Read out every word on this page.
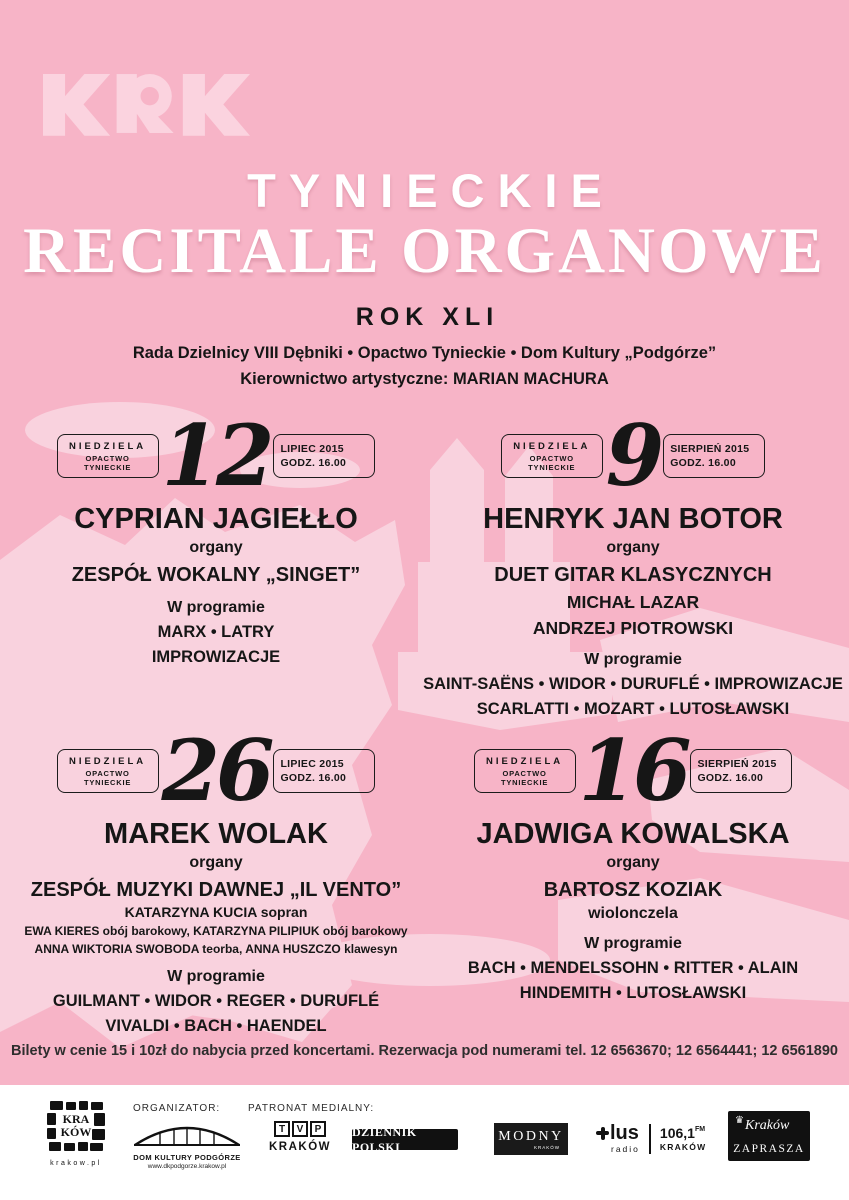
TYNIECKIE
RECITALE ORGANOWE
ROK XLI
Rada Dzielnicy VIII Dębniki • Opactwo Tynieckie • Dom Kultury „Podgórze”
Kierownictwo artystyczne: MARIAN MACHURA
NIEDZIELA
OPACTWO TYNIECKIE 12 LIPIEC 2015
GODZ. 16.00
CYPRIAN JAGIEŁŁO
organy
ZESPÓŁ WOKALNY „SINGET”
W programie
MARX • LATRY
IMPROWIZACJE
NIEDZIELA
OPACTWO TYNIECKIE 9 SIERPIEŃ 2015
GODZ. 16.00
HENRYK JAN BOTOR
organy
DUET GITAR KLASYCZNYCH
MICHAŁ LAZAR
ANDRZEJ PIOTROWSKI
W programie
SAINT-SAËNS • WIDOR • DURUFLÉ • IMPROWIZACJE
SCARLATTI • MOZART • LUTOSŁAWSKI
NIEDZIELA
OPACTWO TYNIECKIE 26 LIPIEC 2015
GODZ. 16.00
MAREK WOLAK
organy
ZESPÓŁ MUZYKI DAWNEJ „IL VENTO”
KATARZYNA KUCIA sopran
EWA KIERES obój barokowy, KATARZYNA PILIPIUK obój barokowy
ANNA WIKTORIA SWOBODA teorba, ANNA HUSZCZO klawesyn
W programie
GUILMANT • WIDOR • REGER • DURUFLÉ
VIVALDI • BACH • HAENDEL
NIEDZIELA
OPACTWO TYNIECKIE 16 SIERPIEŃ 2015
GODZ. 16.00
JADWIGA KOWALSKA
organy
BARTOSZ KOZIAK
wiolonczela
W programie
BACH • MENDELSSOHN • RITTER • ALAIN
HINDEMITH • LUTOSŁAWSKI
Bilety w cenie 15 i 10zł do nabycia przed koncertami. Rezerwacja pod numerami tel. 12 6563670; 12 6564441; 12 6561890
KRA
KÓW
krakow.pl
ORGANIZATOR:
DOM KULTURY PODGÓRZE
www.dkpodgorze.krakow.pl
PATRONAT MEDIALNY:
T	V	P
KRAKÓW
DZIENNIK POLSKI
MODNY
KRAKÓW
lus
radio
$106,1^{FM}$
KRAKÓW
♛ Kraków
ZAPRASZA
